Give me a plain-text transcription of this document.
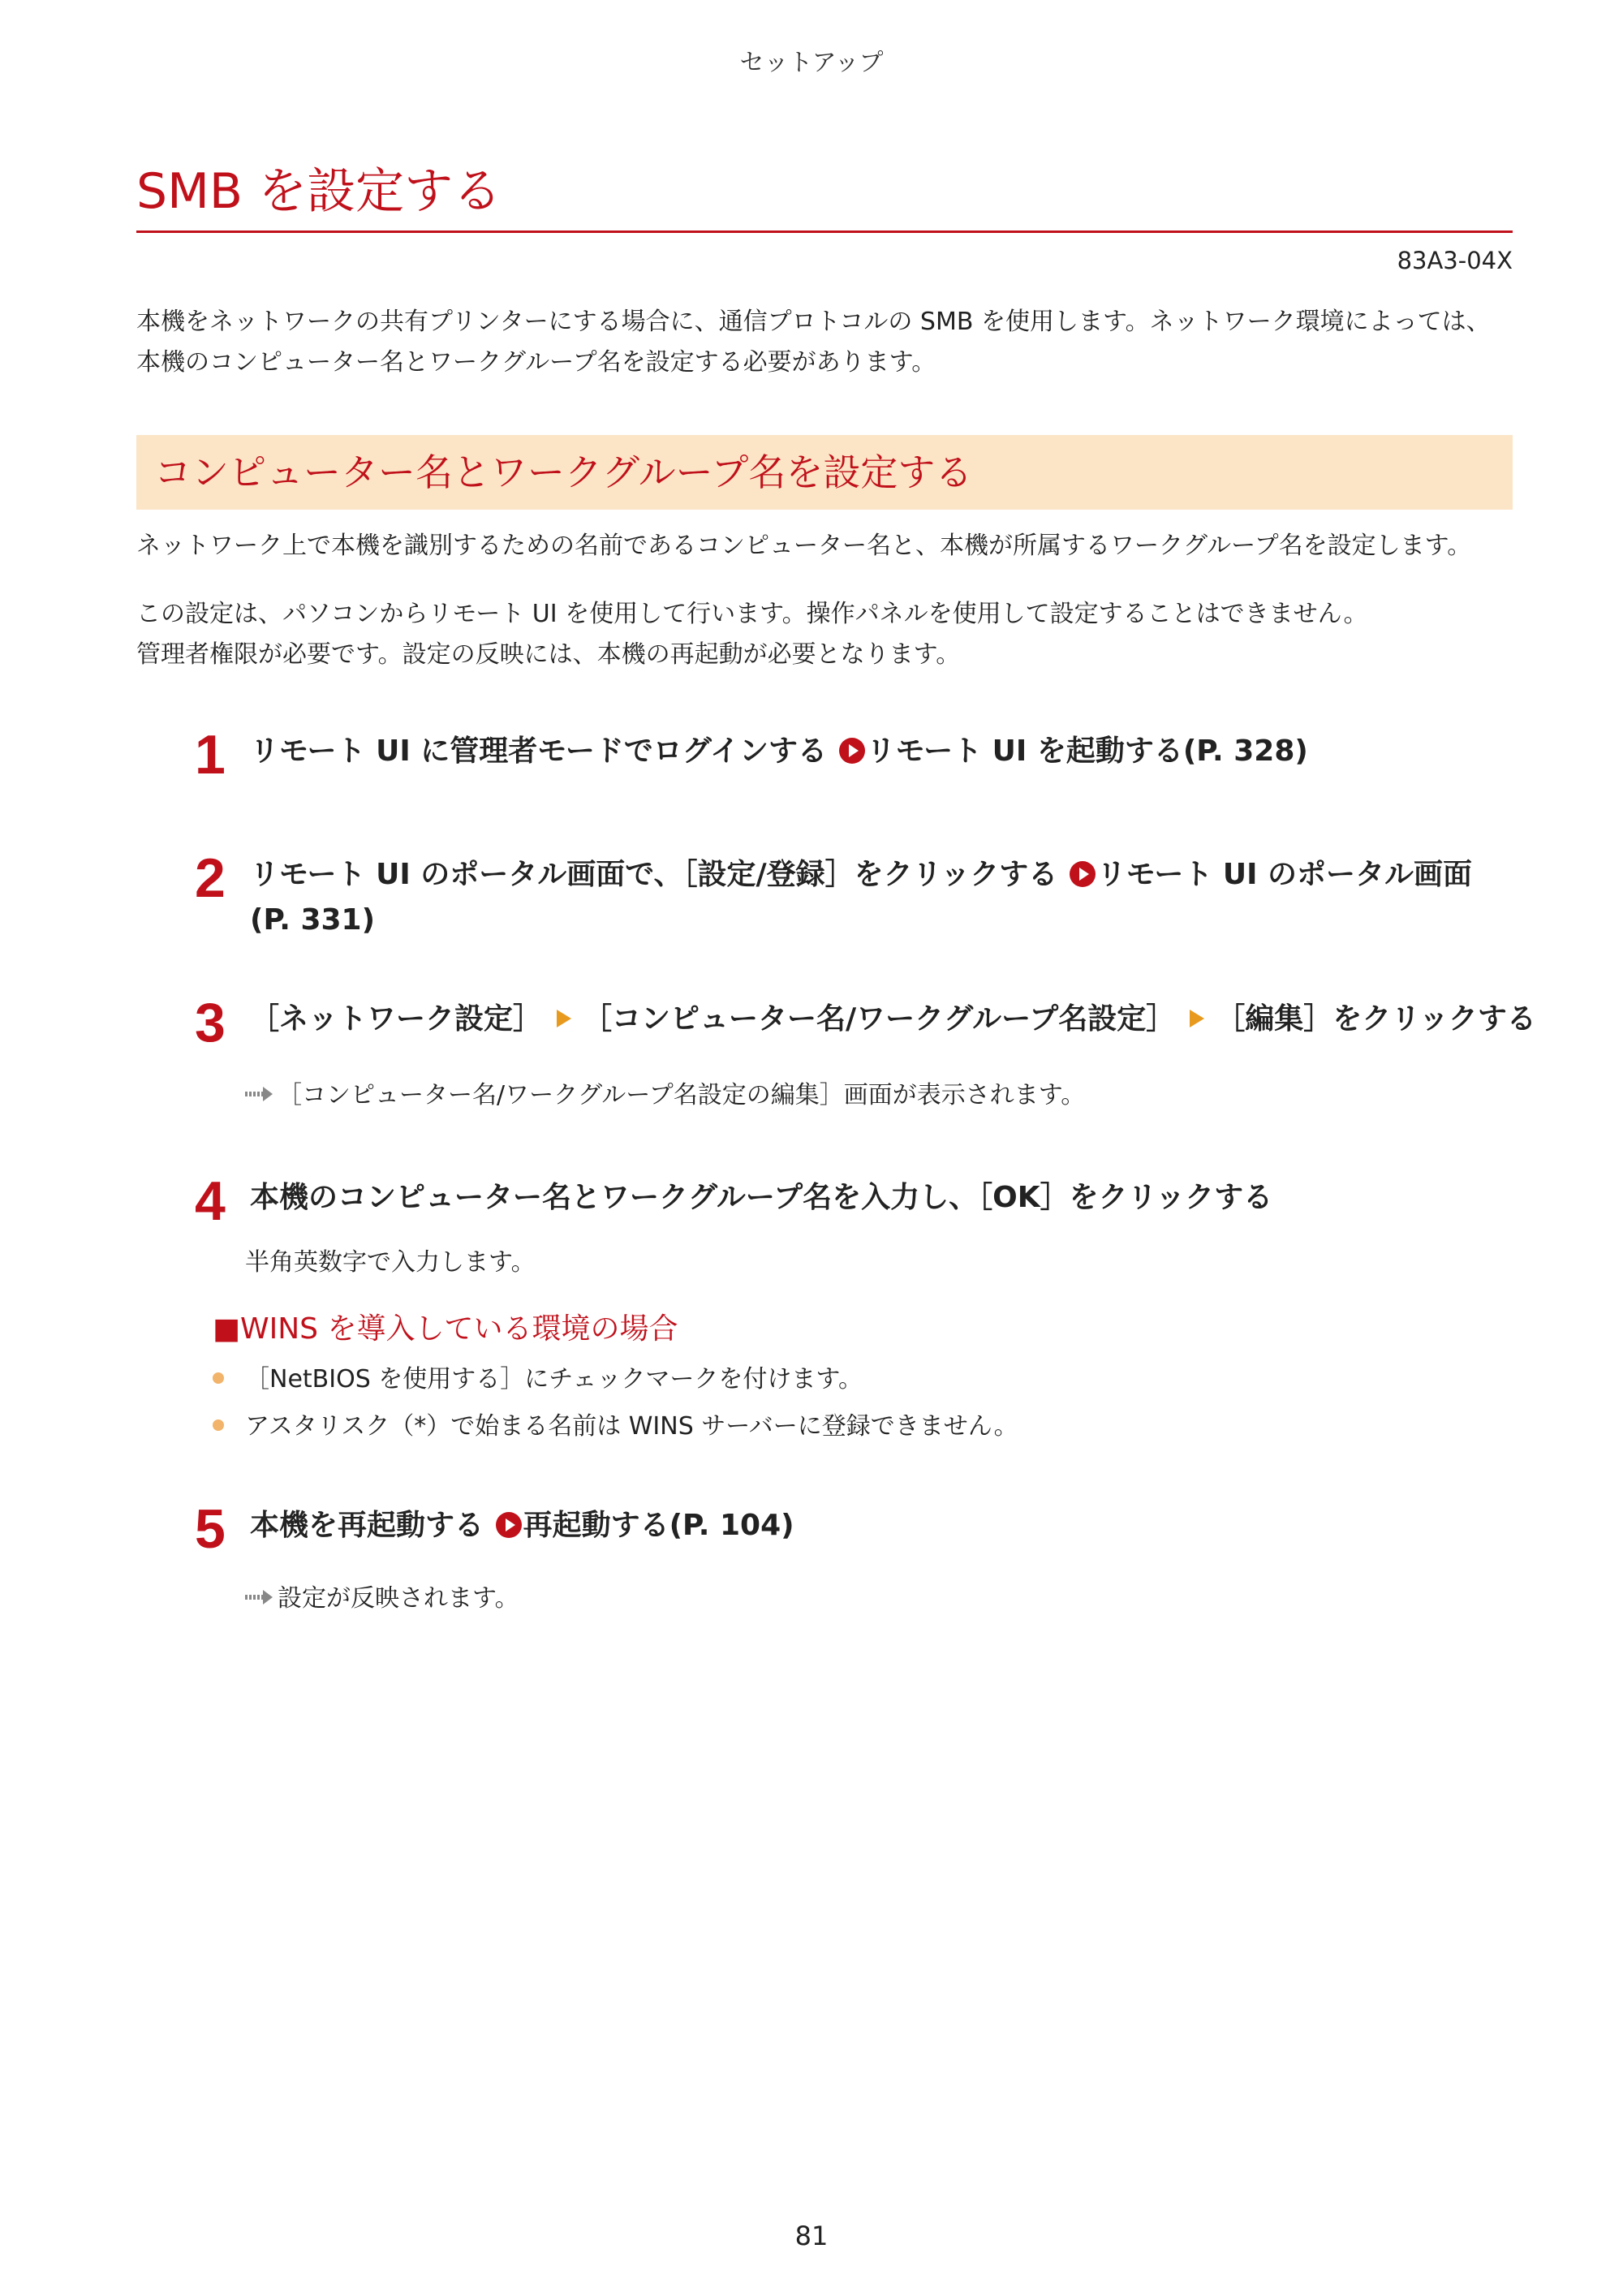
セットアップ
SMB を設定する
83A3-04X
本機をネットワークの共有プリンターにする場合に、通信プロトコルの SMB を使用します。ネットワーク環境によっては、
本機のコンピューター名とワークグループ名を設定する必要があります。
コンピューター名とワークグループ名を設定する
ネットワーク上で本機を識別するための名前であるコンピューター名と、本機が所属するワークグループ名を設定します。
この設定は、パソコンからリモート UI を使用して行います。操作パネルを使用して設定することはできません。
管理者権限が必要です。設定の反映には、本機の再起動が必要となります。
1 リモート UI に管理者モードでログインする リモート UI を起動する(P. 328)
2 リモート UI のポータル画面で、［設定/登録］をクリックする リモート UI のポータル画面
(P. 331)
3 ［ネットワーク設定］ ［コンピューター名/ワークグループ名設定］ ［編集］をクリックする
［コンピューター名/ワークグループ名設定の編集］画面が表示されます。
4 本機のコンピューター名とワークグループ名を入力し、［OK］をクリックする
半角英数字で入力します。
■WINS を導入している環境の場合
［NetBIOS を使用する］にチェックマークを付けます。
アスタリスク（*）で始まる名前は WINS サーバーに登録できません。
5 本機を再起動する 再起動する(P. 104)
設定が反映されます。
81
